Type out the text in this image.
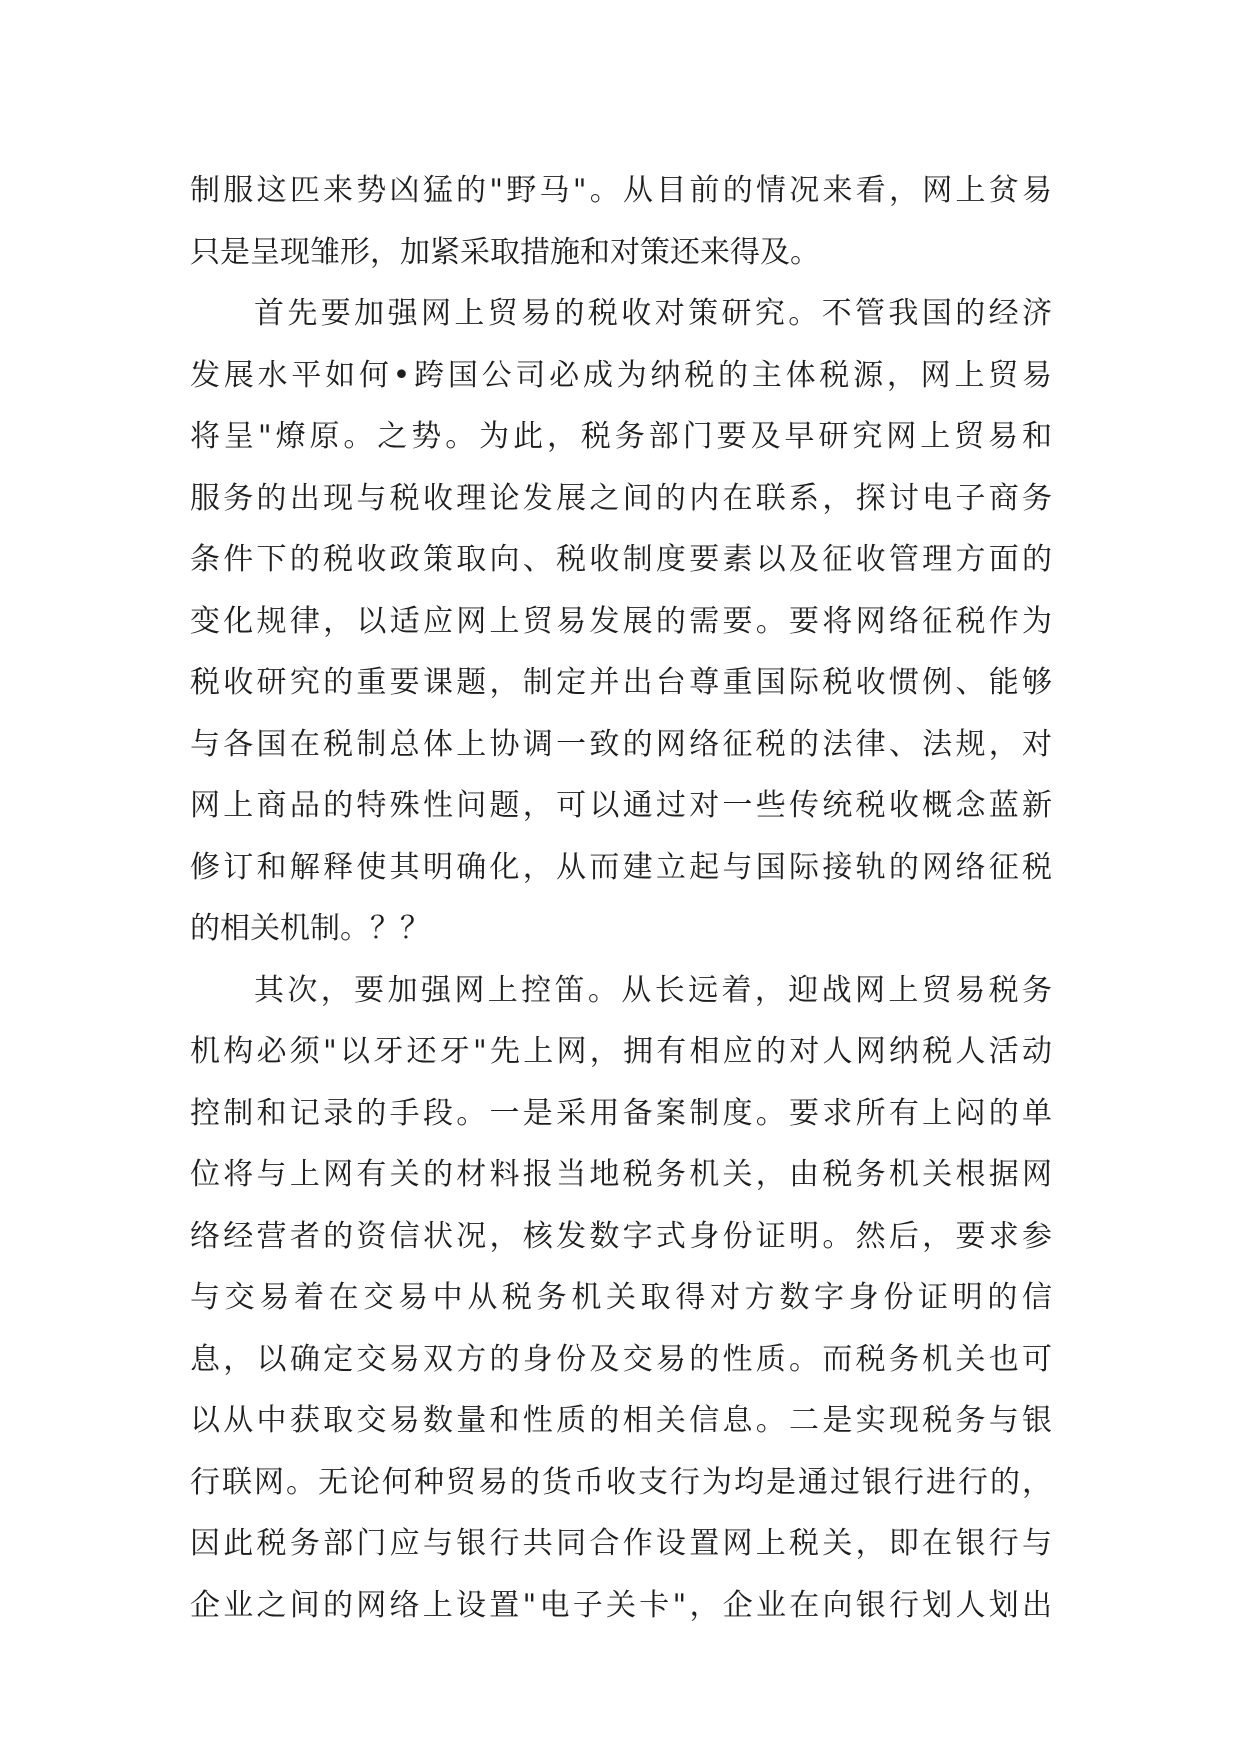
制服这匹来势凶猛的"野马"。从目前的情况来看，网上贫易
只是呈现雏形，加紧采取措施和对策还来得及。
首先要加强网上贸易的税收对策研究。不管我国的经济
发展水平如何•跨国公司必成为纳税的主体税源，网上贸易
将呈"燎原。之势。为此，税务部门要及早研究网上贸易和
服务的出现与税收理论发展之间的内在联系，探讨电子商务
条件下的税收政策取向、税收制度要素以及征收管理方面的
变化规律，以适应网上贸易发展的需要。要将网络征税作为
税收研究的重要课题，制定并出台尊重国际税收惯例、能够
与各国在税制总体上协调一致的网络征税的法律、法规，对
网上商品的特殊性问题，可以通过对一些传统税收概念蓝新
修订和解释使其明确化，从而建立起与国际接轨的网络征税
的相关机制。？？
其次，要加强网上控笛。从长远着，迎战网上贸易税务
机构必须"以牙还牙"先上网，拥有相应的对人网纳税人活动
控制和记录的手段。一是采用备案制度。要求所有上闷的单
位将与上网有关的材料报当地税务机关，由税务机关根据网
络经营者的资信状况，核发数字式身份证明。然后，要求参
与交易着在交易中从税务机关取得对方数字身份证明的信
息，以确定交易双方的身份及交易的性质。而税务机关也可
以从中获取交易数量和性质的相关信息。二是实现税务与银
行联网。无论何种贸易的货币收支行为均是通过银行进行的，
因此税务部门应与银行共同合作设置网上税关，即在银行与
企业之间的网络上设置"电子关卡"，企业在向银行划人划出
